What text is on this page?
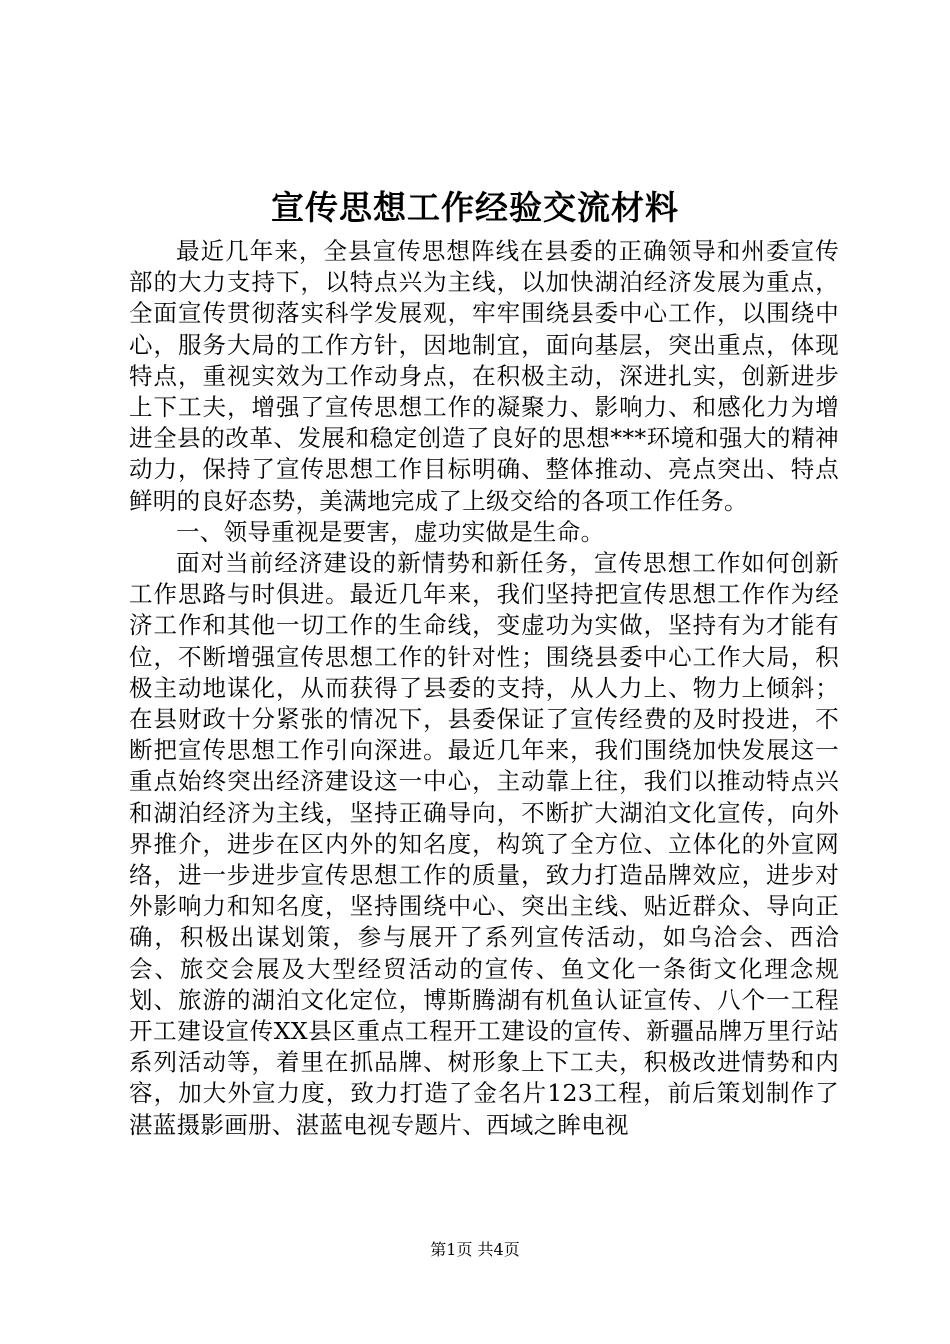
宣传思想工作经验交流材料

最近几年来，全县宣传思想阵线在县委的正确领导和州委宣传部的大力支持下，以特点兴为主线，以加快湖泊经济发展为重点，全面宣传贯彻落实科学发展观，牢牢围绕县委中心工作，以围绕中心，服务大局的工作方针，因地制宜，面向基层，突出重点，体现特点，重视实效为工作动身点，在积极主动，深进扎实，创新进步上下工夫，增强了宣传思想工作的凝聚力、影响力、和感化力为增进全县的改革、发展和稳定创造了良好的思想***环境和强大的精神动力，保持了宣传思想工作目标明确、整体推动、亮点突出、特点鲜明的良好态势，美满地完成了上级交给的各项工作任务。

一、领导重视是要害，虚功实做是生命。

面对当前经济建设的新情势和新任务，宣传思想工作如何创新工作思路与时俱进。最近几年来，我们坚持把宣传思想工作作为经济工作和其他一切工作的生命线，变虚功为实做，坚持有为才能有位，不断增强宣传思想工作的针对性；围绕县委中心工作大局，积极主动地谋化，从而获得了县委的支持，从人力上、物力上倾斜；在县财政十分紧张的情况下，县委保证了宣传经费的及时投进，不断把宣传思想工作引向深进。最近几年来，我们围绕加快发展这一重点始终突出经济建设这一中心，主动靠上往，我们以推动特点兴和湖泊经济为主线，坚持正确导向，不断扩大湖泊文化宣传，向外界推介，进步在区内外的知名度，构筑了全方位、立体化的外宣网络，进一步进步宣传思想工作的质量，致力打造品牌效应，进步对外影响力和知名度，坚持围绕中心、突出主线、贴近群众、导向正确，积极出谋划策，参与展开了系列宣传活动，如乌洽会、西洽会、旅交会展及大型经贸活动的宣传、鱼文化一条街文化理念规划、旅游的湖泊文化定位，博斯腾湖有机鱼认证宣传、八个一工程开工建设宣传XX县区重点工程开工建设的宣传、新疆品牌万里行站系列活动等，着里在抓品牌、树形象上下工夫，积极改进情势和内容，加大外宣力度，致力打造了金名片123工程，前后策划制作了湛蓝摄影画册、湛蓝电视专题片、西域之眸电视

第1页 共4页
